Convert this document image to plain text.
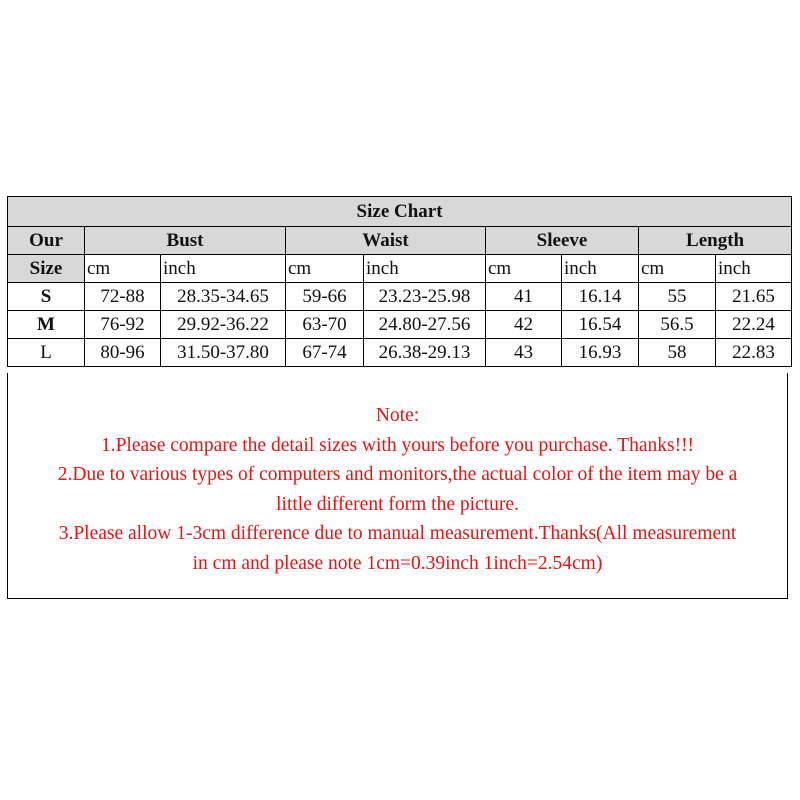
Size Chart								
Our	Bust		Waist		Sleeve		Length	
Size	cm	inch	cm	inch	cm	inch	cm	inch
S	72-88	28.35-34.65	59-66	23.23-25.98	41	16.14	55	21.65
M	76-92	29.92-36.22	63-70	24.80-27.56	42	16.54	56.5	22.24
L	80-96	31.50-37.80	67-74	26.38-29.13	43	16.93	58	22.83
Note:
1.Please compare the detail sizes with yours before you purchase. Thanks!!!
2.Due to various types of computers and monitors,the actual color of the item may be a
little different form the picture.
3.Please allow 1-3cm difference due to manual measurement.Thanks(All measurement
in cm and please note 1cm=0.39inch 1inch=2.54cm)
